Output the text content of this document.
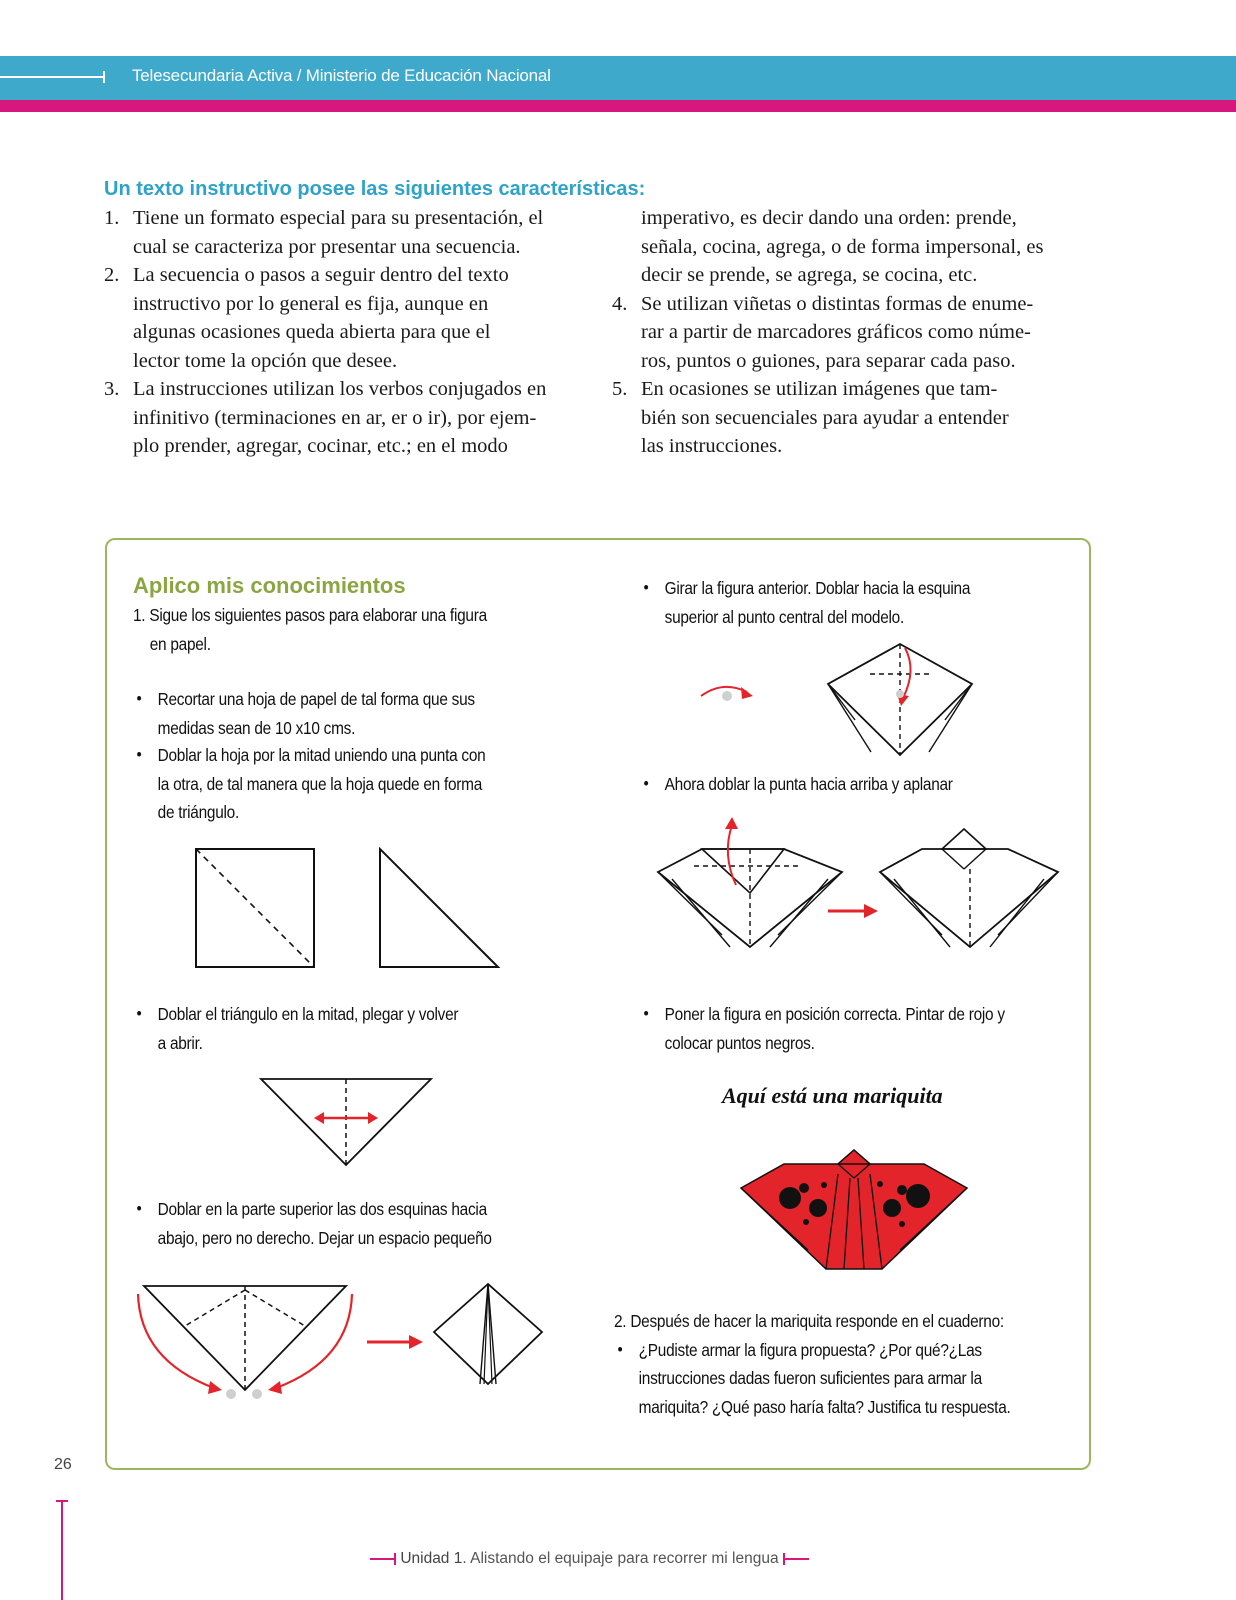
Telesecundaria Activa / Ministerio de Educación Nacional
Un texto instructivo posee las siguientes características:
1. Tiene un formato especial para su presentación, el
cual se caracteriza por presentar una secuencia.
2. La secuencia o pasos a seguir dentro del texto
instructivo por lo general es fija, aunque en
algunas ocasiones queda abierta para que el
lector tome la opción que desee.
3. La instrucciones utilizan los verbos conjugados en
infinitivo (terminaciones en ar, er o ir), por ejem-
plo prender, agregar, cocinar, etc.; en el modo
imperativo, es decir dando una orden: prende,
señala, cocina, agrega, o de forma impersonal, es
decir se prende, se agrega, se cocina, etc.
4. Se utilizan viñetas o distintas formas de enume-
rar a partir de marcadores gráficos como núme-
ros, puntos o guiones, para separar cada paso.
5. En ocasiones se utilizan imágenes que tam-
bién son secuenciales para ayudar a entender
las instrucciones.
Aplico mis conocimientos
1. Sigue los siguientes pasos para elaborar una figura
en papel.
• Recortar una hoja de papel de tal forma que sus
medidas sean de 10 x10 cms.
• Doblar la hoja por la mitad uniendo una punta con
la otra, de tal manera que la hoja quede en forma
de triángulo.
• Doblar el triángulo en la mitad, plegar y volver
a abrir.
• Doblar en la parte superior las dos esquinas hacia
abajo, pero no derecho. Dejar un espacio pequeño
• Girar la figura anterior. Doblar hacia la esquina
superior al punto central del modelo.
• Ahora doblar la punta hacia arriba y aplanar
• Poner la figura en posición correcta. Pintar de rojo y
colocar puntos negros.
Aquí está una mariquita
2. Después de hacer la mariquita responde en el cuaderno:
• ¿Pudiste armar la figura propuesta? ¿Por qué?¿Las
instrucciones dadas fueron suficientes para armar la
mariquita? ¿Qué paso haría falta? Justifica tu respuesta.
26
Unidad 1. Alistando el equipaje para recorrer mi lengua
